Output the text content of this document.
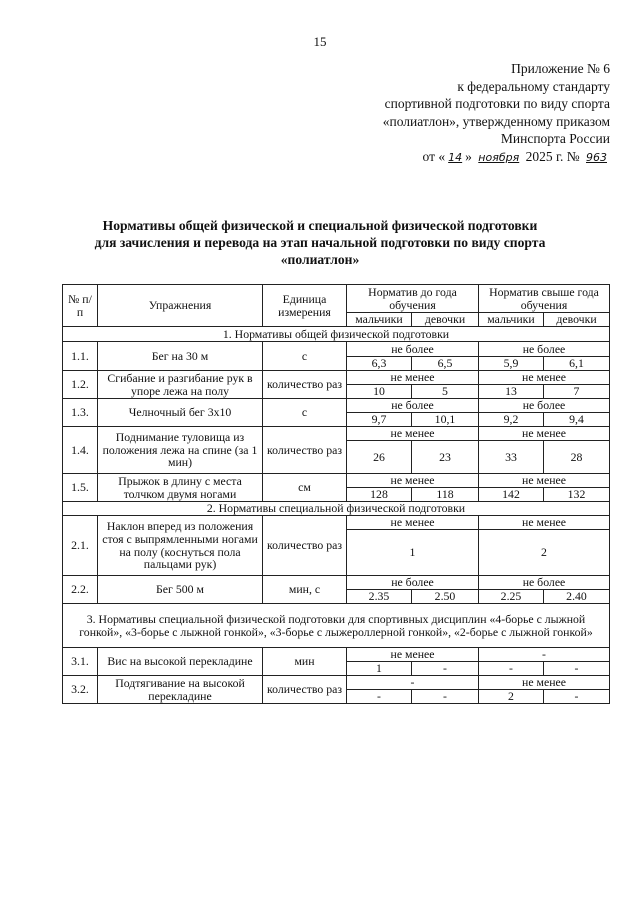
15
Приложение № 6
к федеральному стандарту
спортивной подготовки по виду спорта
«полиатлон», утвержденному приказом
Минспорта России
от « 14 » ноября 2025 г. № 963
Нормативы общей физической и специальной физической подготовки
для зачисления и перевода на этап начальной подготовки по виду спорта
«полиатлон»
№ п/п	Упражнения	Единица измерения	Норматив до года обучения		Норматив свыше года обучения	
			мальчики	девочки	мальчики	девочки
1. Нормативы общей физической подготовки						
1.1.	Бег на 30 м	с	не более		не более	
			6,3	6,5	5,9	6,1
1.2.	Сгибание и разгибание рук в упоре лежа на полу	количество раз	не менее		не менее	
			10	5	13	7
1.3.	Челночный бег 3х10	с	не более		не более	
			9,7	10,1	9,2	9,4
1.4.	Поднимание туловища из положения лежа на спине (за 1 мин)	количество раз	не менее		не менее	
			26	23	33	28
1.5.	Прыжок в длину с места толчком двумя ногами	см	не менее		не менее	
			128	118	142	132
2. Нормативы специальной физической подготовки						
2.1.	Наклон вперед из положения стоя с выпрямленными ногами на полу (коснуться пола пальцами рук)	количество раз	не менее		не менее	
			1		2	
2.2.	Бег 500 м	мин, с	не более		не более	
			2.35	2.50	2.25	2.40
3. Нормативы специальной физической подготовки для спортивных дисциплин «4-борье с лыжной гонкой», «3-борье с лыжной гонкой», «3-борье с лыжероллерной гонкой», «2-борье с лыжной гонкой»						
3.1.	Вис на высокой перекладине	мин	не менее		-	
			1	-	-	-
3.2.	Подтягивание на высокой перекладине	количество раз	-		не менее	
			-	-	2	-
